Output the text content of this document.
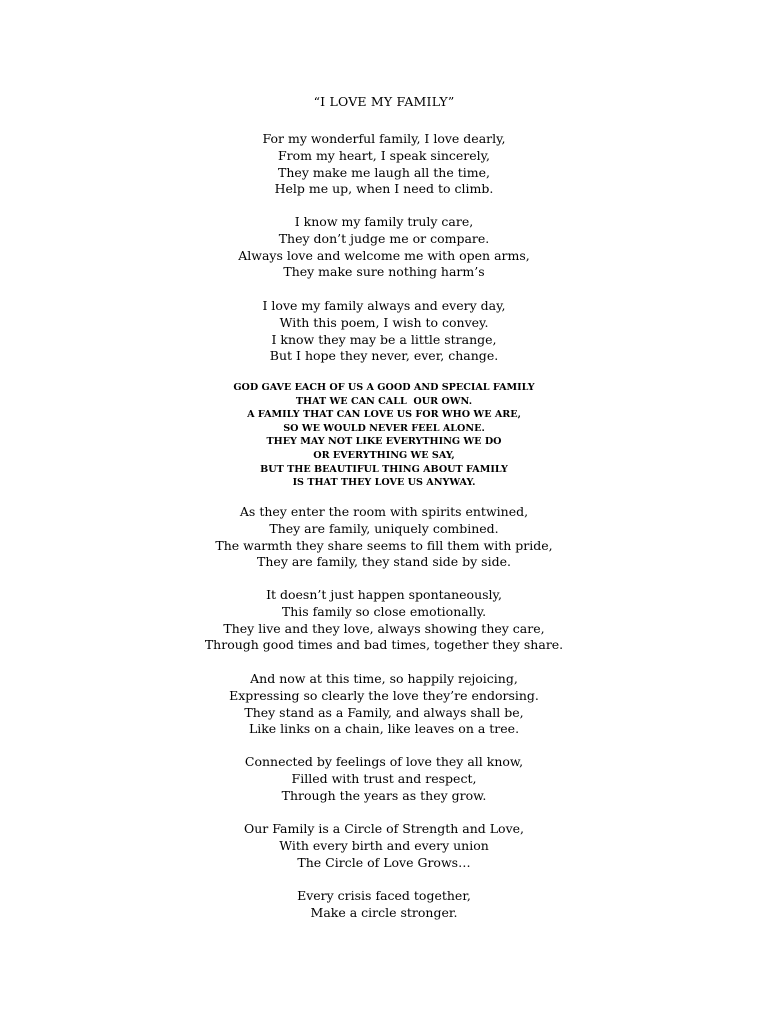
“I LOVE MY FAMILY”
For my wonderful family, I love dearly,
From my heart, I speak sincerely,
They make me laugh all the time,
Help me up, when I need to climb.
I know my family truly care,
They don’t judge me or compare.
Always love and welcome me with open arms,
They make sure nothing harm’s
I love my family always and every day,
With this poem, I wish to convey.
I know they may be a little strange,
But I hope they never, ever, change.
GOD GAVE EACH OF US A GOOD AND SPECIAL FAMILY
THAT WE CAN CALL  OUR OWN.
A FAMILY THAT CAN LOVE US FOR WHO WE ARE,
SO WE WOULD NEVER FEEL ALONE.
THEY MAY NOT LIKE EVERYTHING WE DO
OR EVERYTHING WE SAY,
BUT THE BEAUTIFUL THING ABOUT FAMILY
IS THAT THEY LOVE US ANYWAY.
As they enter the room with spirits entwined,
They are family, uniquely combined.
The warmth they share seems to fill them with pride,
They are family, they stand side by side.
It doesn’t just happen spontaneously,
This family so close emotionally.
They live and they love, always showing they care,
Through good times and bad times, together they share.
And now at this time, so happily rejoicing,
Expressing so clearly the love they’re endorsing.
They stand as a Family, and always shall be,
Like links on a chain, like leaves on a tree.
Connected by feelings of love they all know,
Filled with trust and respect,
Through the years as they grow.
Our Family is a Circle of Strength and Love,
With every birth and every union
The Circle of Love Grows…
Every crisis faced together,
Make a circle stronger.
